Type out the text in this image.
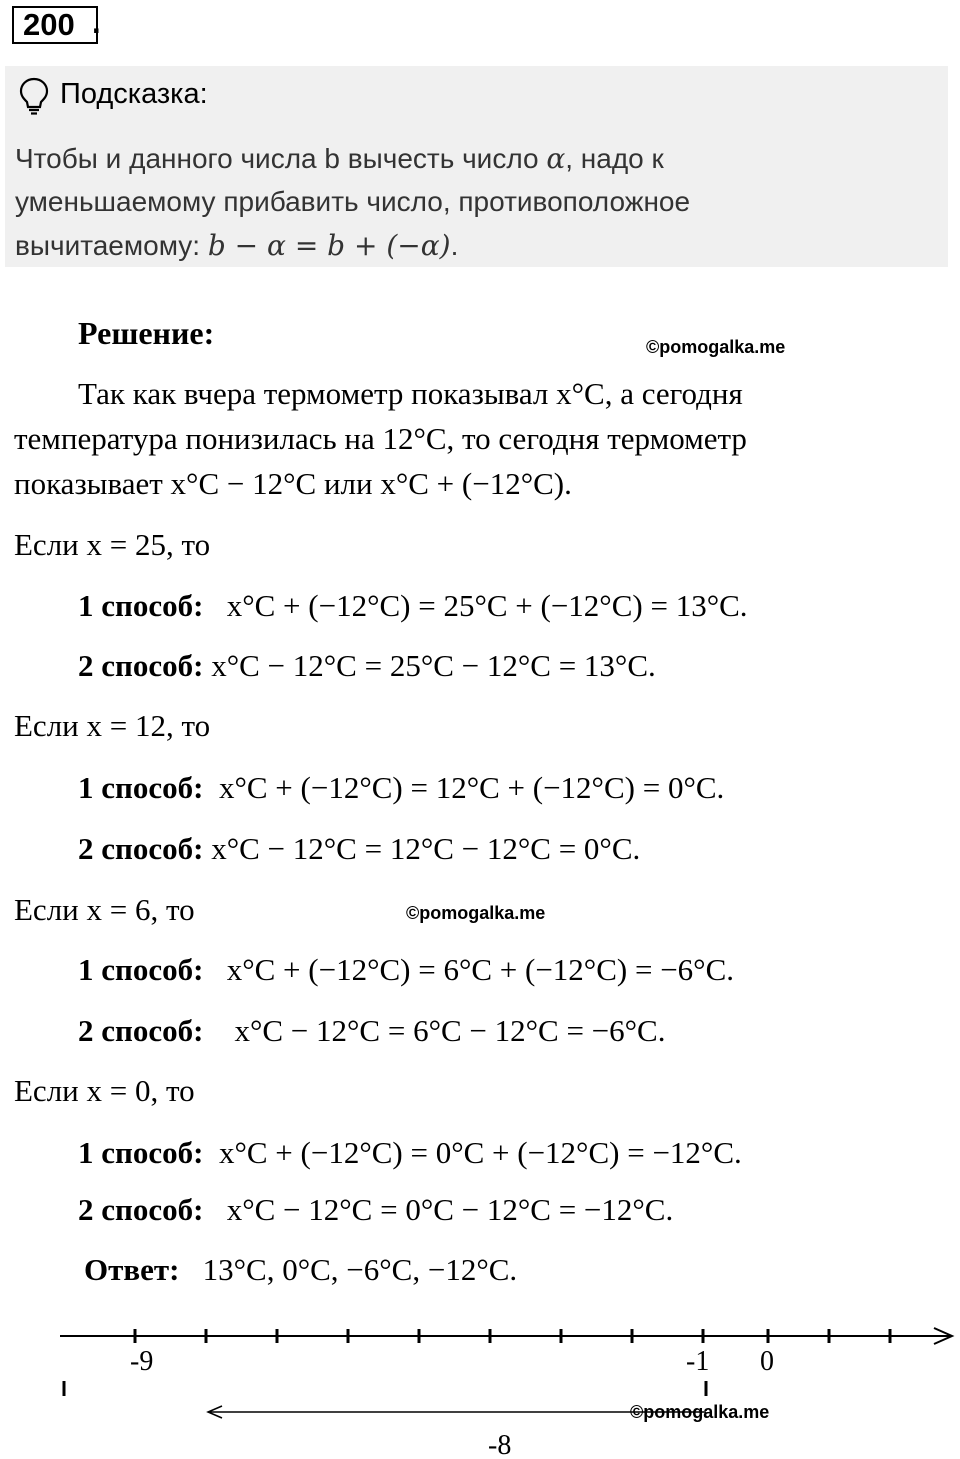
200 .
Подсказка:
Чтобы и данного числа b вычесть число α, надо к
уменьшаемому прибавить число, противоположное
вычитаемому: b − α = b + (−α).
Решение:	©pomogalka.me
Так как вчера термометр показывал x°C, а сегодня
температура понизилась на 12°C, то сегодня термометр
показывает x°C − 12°C или x°C + (−12°C).
Если x = 25, то
1 способ: x°C + (−12°C) = 25°C + (−12°C) = 13°C.
2 способ: x°C − 12°C = 25°C − 12°C = 13°C.
Если x = 12, то
1 способ: x°C + (−12°C) = 12°C + (−12°C) = 0°C.
2 способ: x°C − 12°C = 12°C − 12°C = 0°C.
Если x = 6, то	©pomogalka.me
1 способ: x°C + (−12°C) = 6°C + (−12°C) = −6°C.
2 способ: x°C − 12°C = 6°C − 12°C = −6°C.
Если x = 0, то
1 способ: x°C + (−12°C) = 0°C + (−12°C) = −12°C.
2 способ: x°C − 12°C = 0°C − 12°C = −12°C.
Ответ: 13°C, 0°C, −6°C, −12°C.
-9	-1 0
©pomogalka.me
-8
